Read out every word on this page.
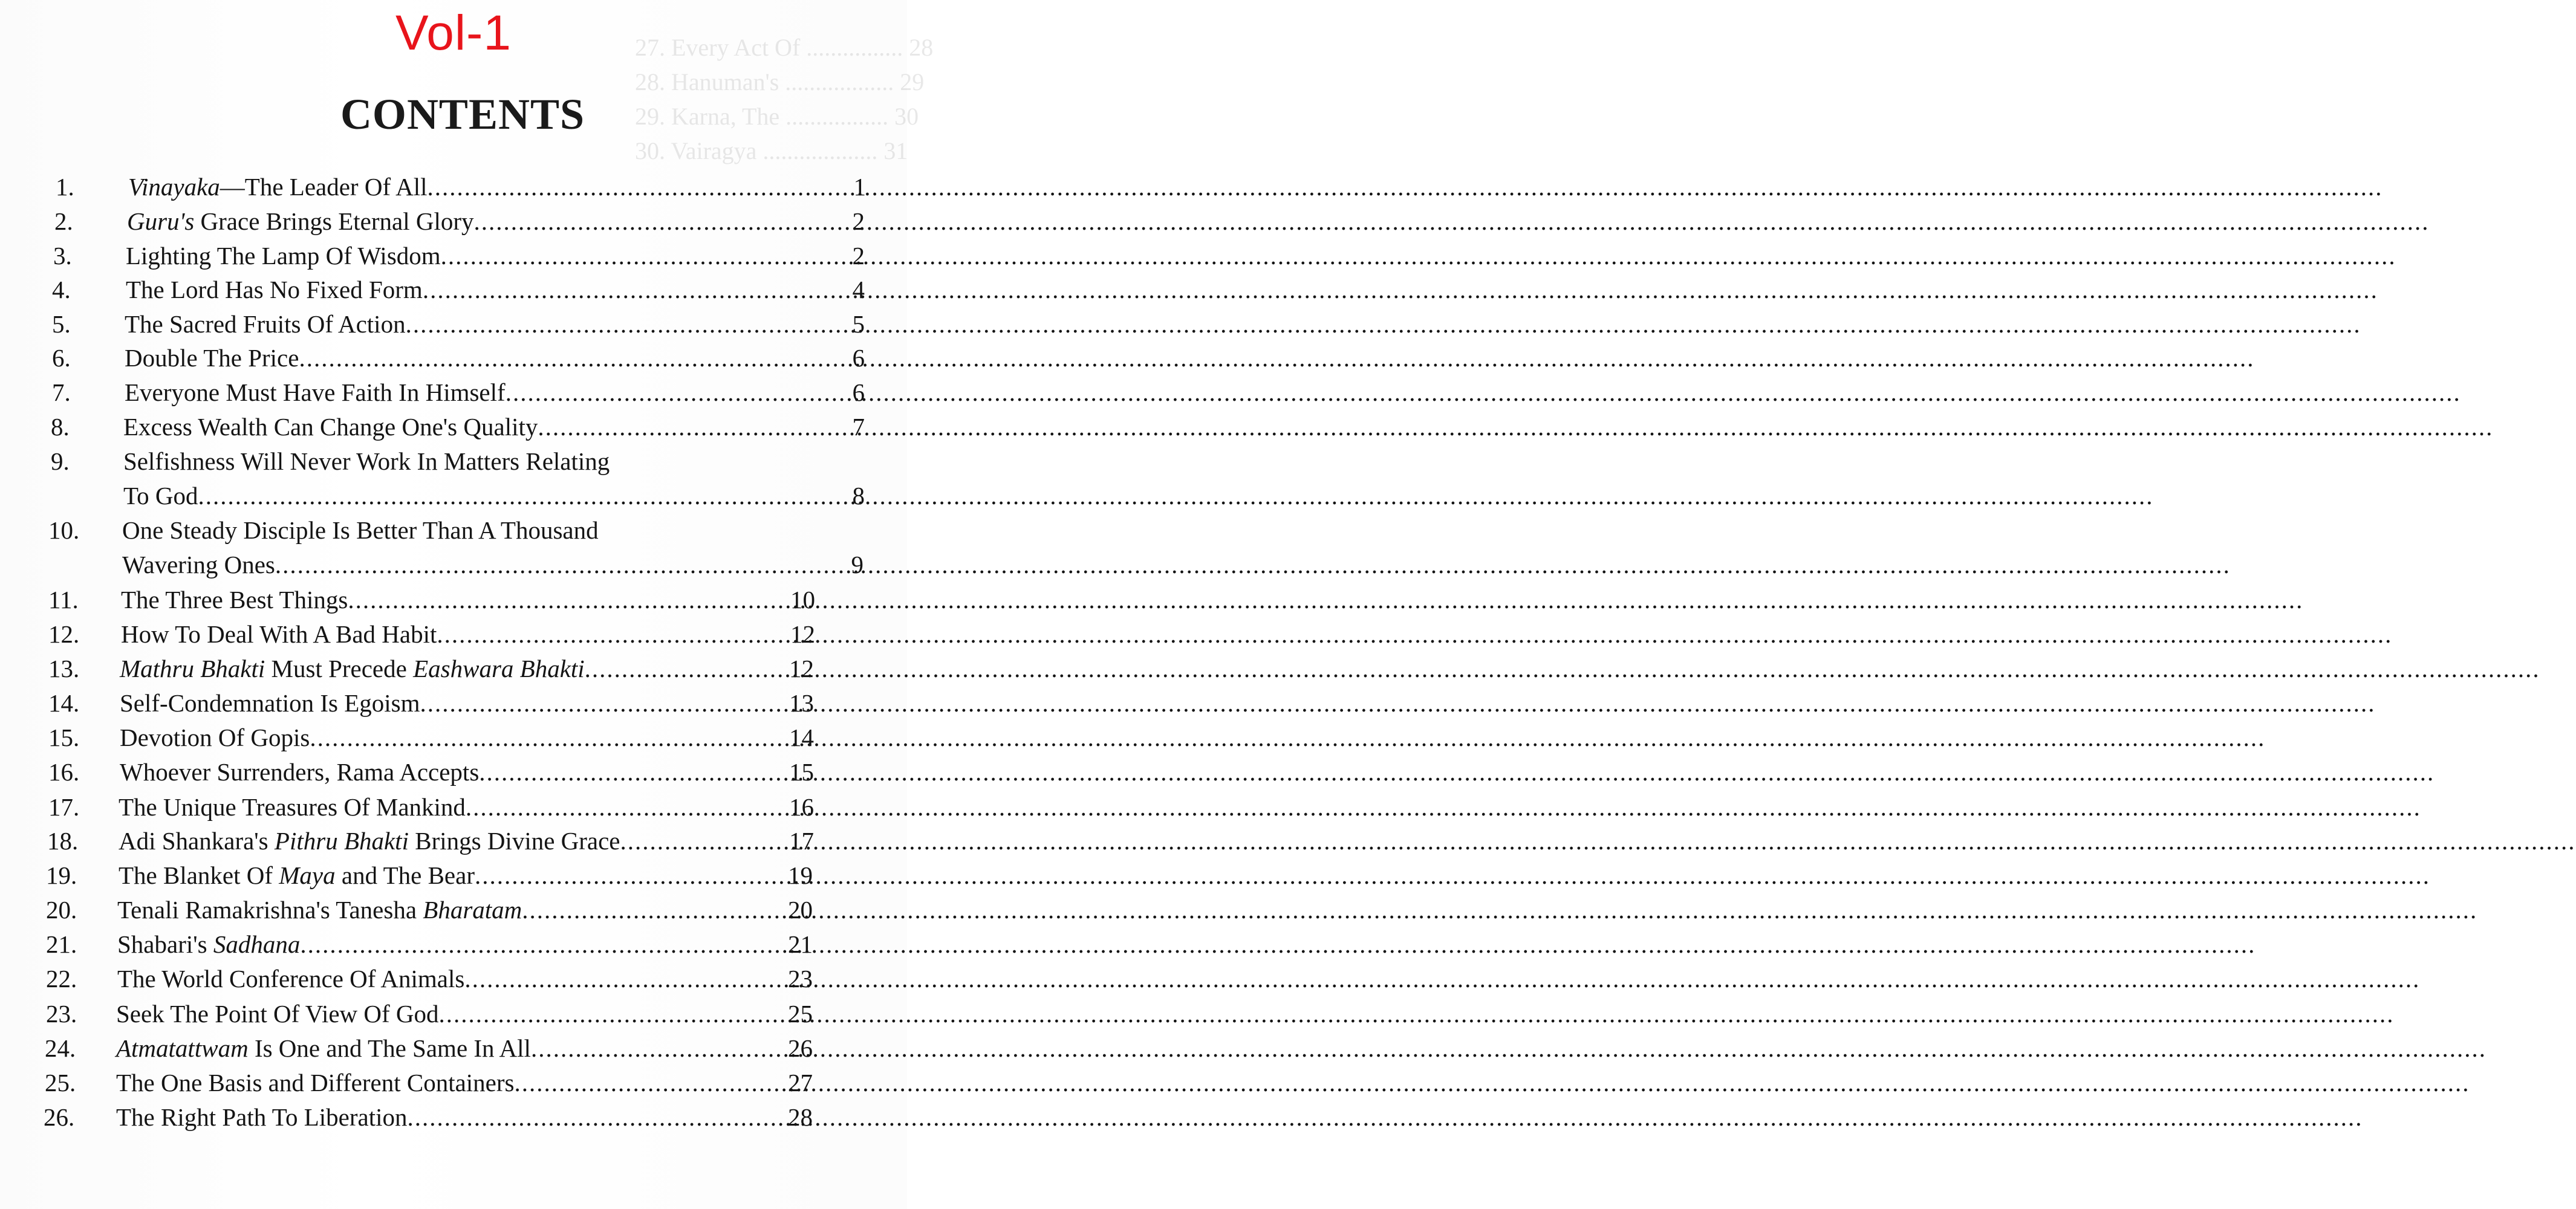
27. Every Act Of ................ 28
28. Hanuman's .................. 29
29. Karna, The ................. 30
30. Vairagya ................... 31
Vol-1
CONTENTS
1. Vinayaka—The Leader Of All .....	1
2. Guru's Grace Brings Eternal Glory .....	2
3. Lighting The Lamp Of Wisdom .....	2
4. The Lord Has No Fixed Form .....	4
5. The Sacred Fruits Of Action .....	5
6. Double The Price .....	6
7. Everyone Must Have Faith In Himself .....	6
8. Excess Wealth Can Change One's Quality .....	7
9. Selfishness Will Never Work In Matters Relating
To God .....	8
10. One Steady Disciple Is Better Than A Thousand
Wavering Ones .....	9
11. The Three Best Things .....	10
12. How To Deal With A Bad Habit .....	12
13. Mathru Bhakti Must Precede Eashwara Bhakti .....	12
14. Self-Condemnation Is Egoism .....	13
15. Devotion Of Gopis .....	14
16. Whoever Surrenders, Rama Accepts .....	15
17. The Unique Treasures Of Mankind .....	16
18. Adi Shankara's Pithru Bhakti Brings Divine Grace .....	17
19. The Blanket Of Maya and The Bear .....	19
20. Tenali Ramakrishna's Tanesha Bharatam .....	20
21. Shabari's Sadhana .....	21
22. The World Conference Of Animals .....	23
23. Seek The Point Of View Of God .....	25
24. Atmatattwam Is One and The Same In All .....	26
25. The One Basis and Different Containers .....	27
26. The Right Path To Liberation .....	28
